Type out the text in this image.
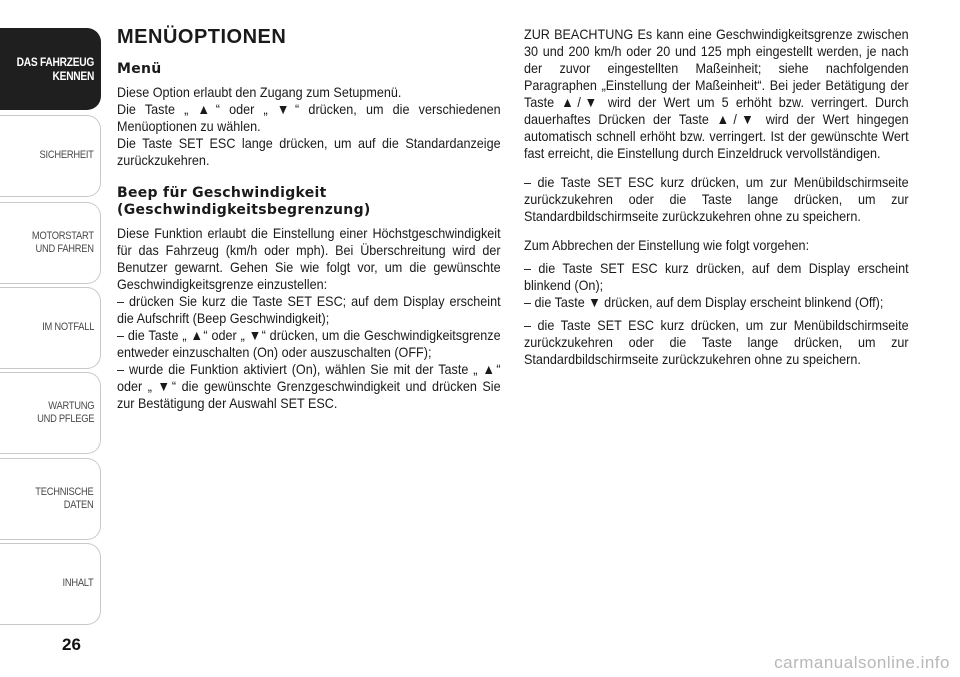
DAS FAHRZEUG
KENNEN
SICHERHEIT
MOTORSTART
UND FAHREN
IM NOTFALL
WARTUNG
UND PFLEGE
TECHNISCHE
DATEN
INHALT
26
MENÜOPTIONEN
Menü

Diese Option erlaubt den Zugang zum Setupmenü.

Die Taste „ ▲“ oder „ ▼“ drücken, um die verschiedenen Menüoptionen zu wählen.

Die Taste SET ESC lange drücken, um auf die Standardanzeige zurückzukehren.

Beep für Geschwindigkeit
(Geschwindigkeitsbegrenzung)

Diese Funktion erlaubt die Einstellung einer Höchstgeschwindigkeit für das Fahrzeug (km/h oder mph). Bei Überschreitung wird der Benutzer gewarnt. Gehen Sie wie folgt vor, um die gewünschte Geschwindigkeitsgrenze einzustellen:

– drücken Sie kurz die Taste SET ESC; auf dem Display erscheint die Aufschrift (Beep Geschwindigkeit);

– die Taste „ ▲“ oder „ ▼“ drücken, um die Geschwindigkeitsgrenze entweder einzuschalten (On) oder auszuschalten (OFF);

– wurde die Funktion aktiviert (On), wählen Sie mit der Taste „ ▲“ oder „ ▼“ die gewünschte Grenzgeschwindigkeit und drücken Sie zur Bestätigung der Auswahl SET ESC.

ZUR BEACHTUNG Es kann eine Geschwindigkeitsgrenze zwischen 30 und 200 km/h oder 20 und 125 mph eingestellt werden, je nach der zuvor eingestellten Maßeinheit; siehe nachfolgenden Paragraphen „Einstellung der Maßeinheit“. Bei jeder Betätigung der Taste ▲/▼ wird der Wert um 5 erhöht bzw. verringert. Durch dauerhaftes Drücken der Taste ▲/▼ wird der Wert hingegen automatisch schnell erhöht bzw. verringert. Ist der gewünschte Wert fast erreicht, die Einstellung durch Einzeldruck vervollständigen.

– die Taste SET ESC kurz drücken, um zur Menübildschirmseite zurückzukehren oder die Taste lange drücken, um zur Standardbildschirmseite zurückzukehren ohne zu speichern.

Zum Abbrechen der Einstellung wie folgt vorgehen:

– die Taste SET ESC kurz drücken, auf dem Display erscheint blinkend (On);

– die Taste ▼ drücken, auf dem Display erscheint blinkend (Off);

– die Taste SET ESC kurz drücken, um zur Menübildschirmseite zurückzukehren oder die Taste lange drücken, um zur Standardbildschirmseite zurückzukehren ohne zu speichern.

carmanualsonline.info
